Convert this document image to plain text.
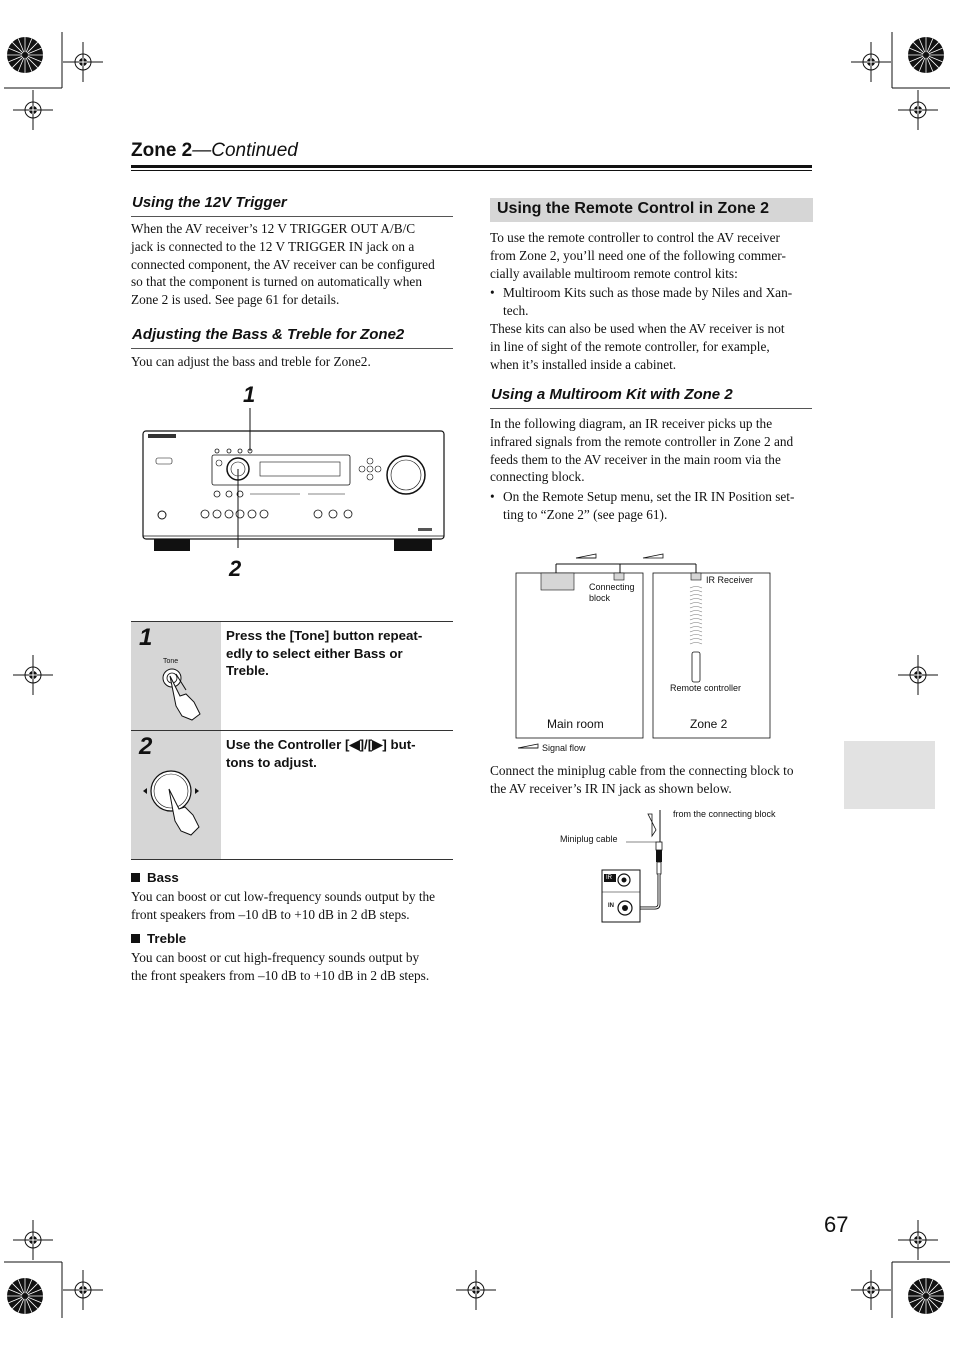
Zone 2—Continued
Using the 12V Trigger
When the AV receiver’s 12 V TRIGGER OUT A/B/C
jack is connected to the 12 V TRIGGER IN jack on a
connected component, the AV receiver can be configured
so that the component is turned on automatically when
Zone 2 is used. See page 61 for details.
Adjusting the Bass & Treble for Zone2
You can adjust the bass and treble for Zone2.
1
2
1
Tone
Press the [Tone] button repeat-
edly to select either Bass or
Treble.
2	Use the Controller [◀]/[▶] but-
tons to adjust.
Bass
You can boost or cut low-frequency sounds output by the
front speakers from –10 dB to +10 dB in 2 dB steps.
Treble
You can boost or cut high-frequency sounds output by
the front speakers from –10 dB to +10 dB in 2 dB steps.
Using the Remote Control in Zone 2
To use the remote controller to control the AV receiver
from Zone 2, you’ll need one of the following commer-
cially available multiroom remote control kits:
• Multiroom Kits such as those made by Niles and Xan-
tech.
These kits can also be used when the AV receiver is not
in line of sight of the remote controller, for example,
when it’s installed inside a cabinet.
Using a Multiroom Kit with Zone 2
In the following diagram, an IR receiver picks up the
infrared signals from the remote controller in Zone 2 and
feeds them to the AV receiver in the main room via the
connecting block.
• On the Remote Setup menu, set the IR IN Position set-
ting to “Zone 2” (see page 61).
Connecting
block
IR Receiver
Remote controller
Main room	Zone 2
Signal flow
Connect the miniplug cable from the connecting block to
the AV receiver’s IR IN jack as shown below.
IR
IN
from the connecting block
Miniplug cable
67
